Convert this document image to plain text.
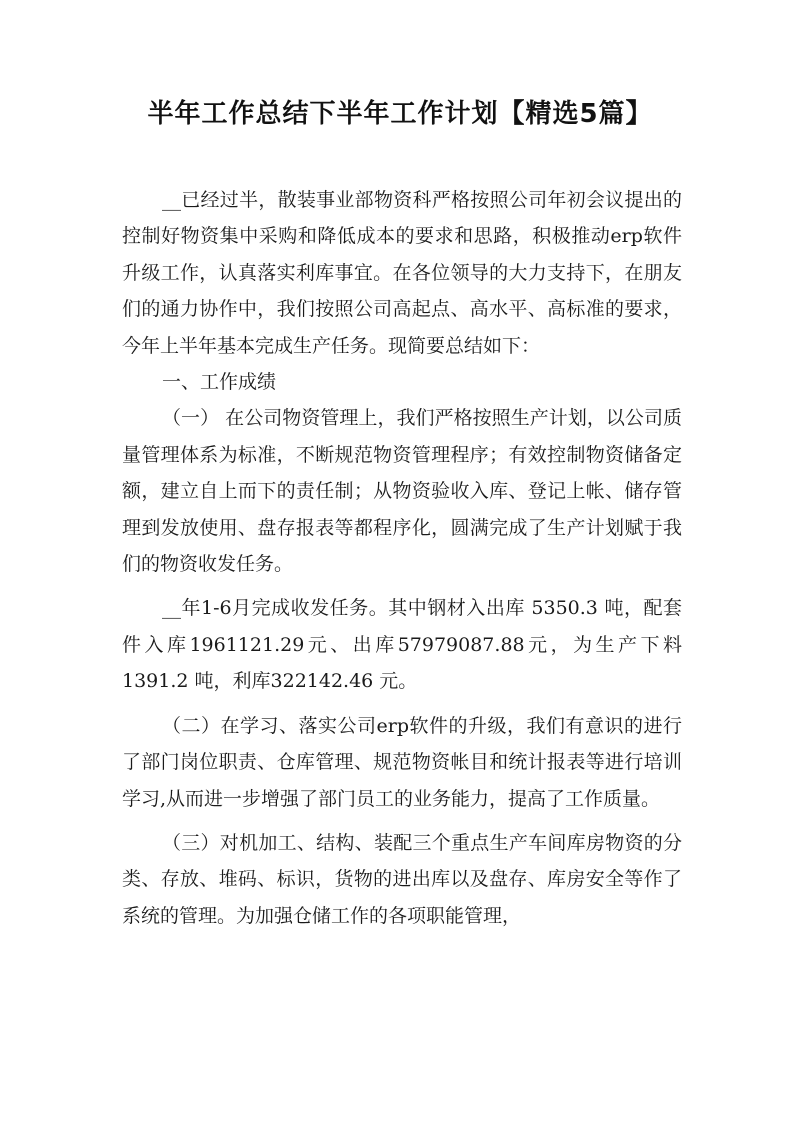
半年工作总结下半年工作计划【精选5篇】

__已经过半，散装事业部物资科严格按照公司年初会议提出的控制好物资集中采购和降低成本的要求和思路，积极推动erp软件升级工作，认真落实利库事宜。在各位领导的大力支持下，在朋友们的通力协作中，我们按照公司高起点、高水平、高标准的要求，今年上半年基本完成生产任务。现简要总结如下：

一、工作成绩

（一） 在公司物资管理上，我们严格按照生产计划，以公司质量管理体系为标准，不断规范物资管理程序；有效控制物资储备定额，建立自上而下的责任制；从物资验收入库、登记上帐、储存管理到发放使用、盘存报表等都程序化，圆满完成了生产计划赋于我们的物资收发任务。

__年1-6月完成收发任务。其中钢材入出库 5350.3 吨，配套件入库1961121.29元、出库57979087.88元，为生产下料1391.2 吨，利库322142.46 元。

（二）在学习、落实公司erp软件的升级，我们有意识的进行了部门岗位职责、仓库管理、规范物资帐目和统计报表等进行培训学习,从而进一步增强了部门员工的业务能力，提高了工作质量。

（三）对机加工、结构、装配三个重点生产车间库房物资的分类、存放、堆码、标识，货物的进出库以及盘存、库房安全等作了系统的管理。为加强仓储工作的各项职能管理，
